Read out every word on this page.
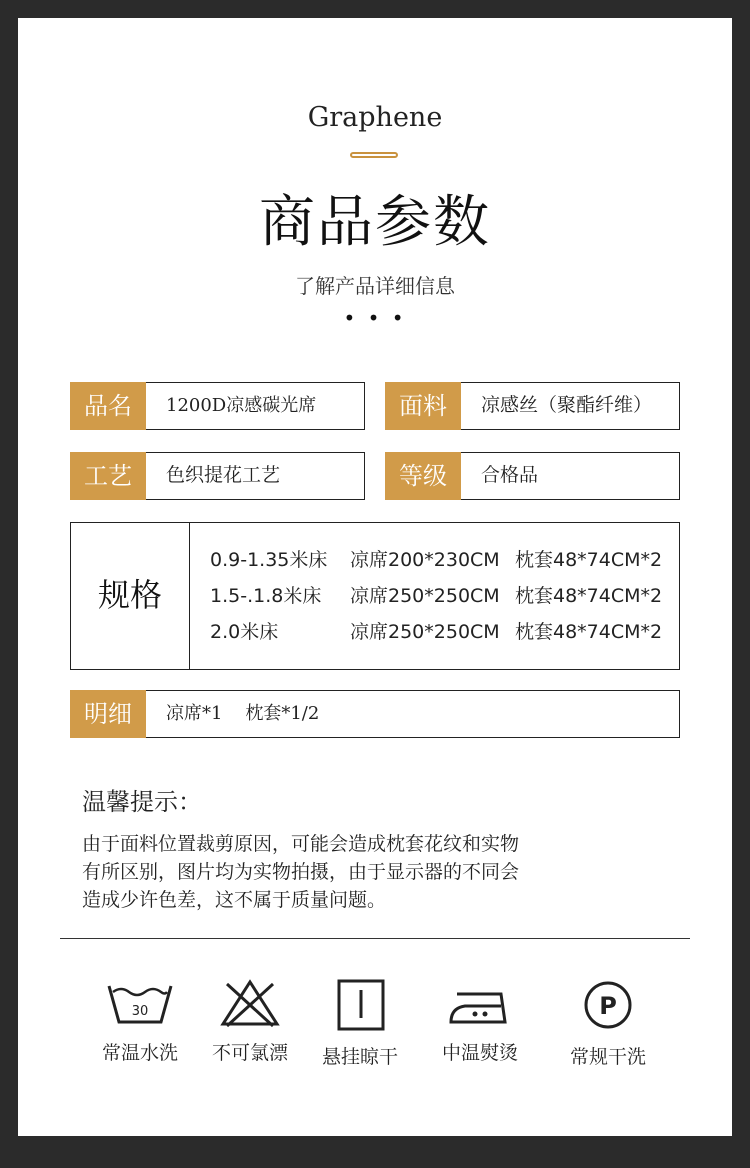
Graphene
商品参数
了解产品详细信息
• • •
品名	1200D凉感碳光席	面料	凉感丝（聚酯纤维）
工艺	色织提花工艺	等级	合格品
规格
0.9-1.35米床 凉席200*230CM 枕套48*74CM*2
1.5-.1.8米床 凉席250*250CM 枕套48*74CM*2
2.0米床	凉席250*250CM 枕套48*74CM*2
明细	凉席*1    枕套*1/2
温馨提示：
由于面料位置裁剪原因，可能会造成枕套花纹和实物
有所区别，图片均为实物拍摄，由于显示器的不同会
造成少许色差，这不属于质量问题。
30
常温水洗	不可氯漂	悬挂晾干	中温熨烫
P
常规干洗
